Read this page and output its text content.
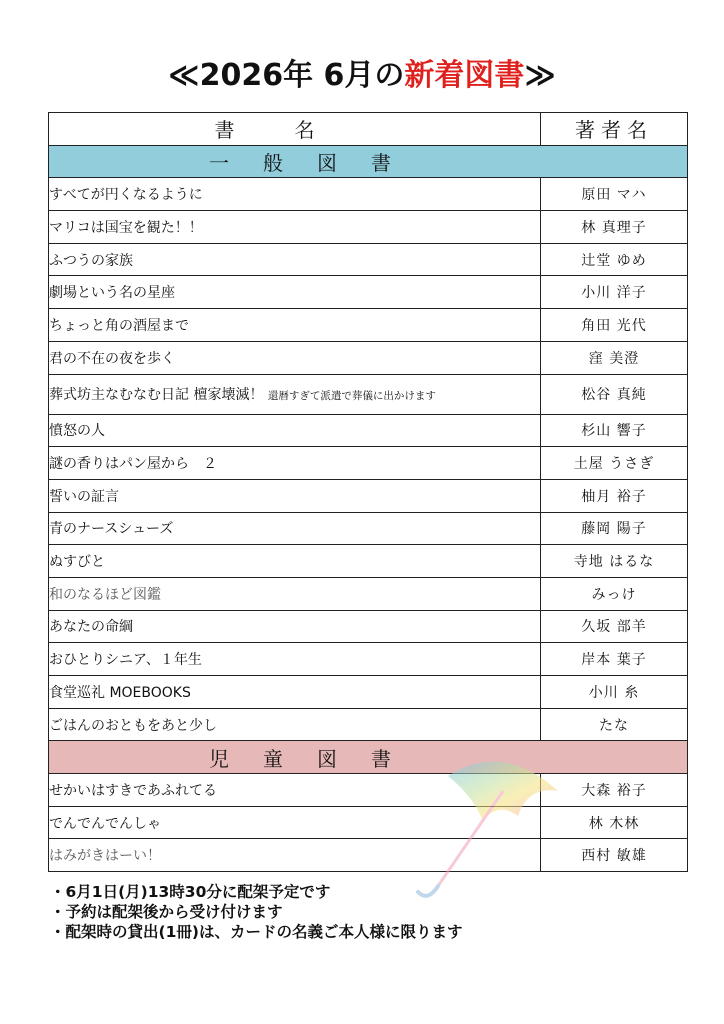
≪2026年 6月の新着図書≫
書名	著者名
一般図書	
すべてが円くなるように	原田 マハ
マリコは国宝を観た！！	林 真理子
ふつうの家族	辻堂 ゆめ
劇場という名の星座	小川 洋子
ちょっと角の酒屋まで	角田 光代
君の不在の夜を歩く	窪 美澄
葬式坊主なむなむ日記 檀家壊滅！ 還暦すぎて派遣で葬儀に出かけます	松谷 真純
憤怒の人	杉山 響子
謎の香りはパン屋から　２	土屋 うさぎ
誓いの証言	柚月 裕子
青のナースシューズ	藤岡 陽子
ぬすびと	寺地 はるな
和のなるほど図鑑	みっけ
あなたの命綱	久坂 部羊
おひとりシニア、１年生	岸本 葉子
食堂巡礼 MOEBOOKS	小川 糸
ごはんのおともをあと少し	たな
児童図書	
せかいはすきであふれてる	大森 裕子
でんでんでんしゃ	林 木林
はみがきはーい！	西村 敏雄
・6月1日(月)13時30分に配架予定です
・予約は配架後から受け付けます
・配架時の貸出(1冊)は、カードの名義ご本人様に限ります
